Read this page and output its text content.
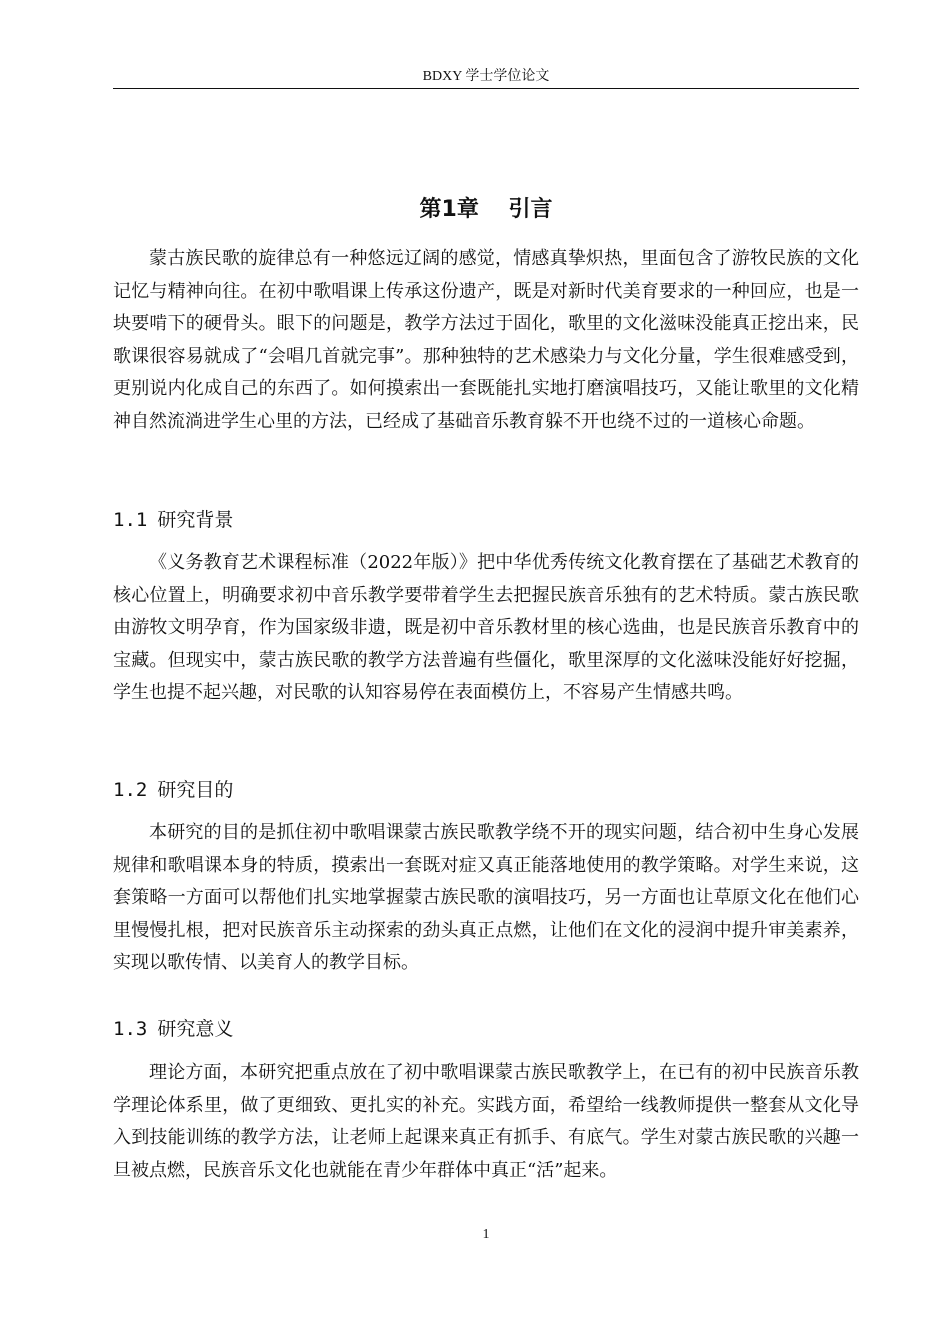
BDXY 学士学位论文
第1章　 引言

蒙古族民歌的旋律总有一种悠远辽阔的感觉，情感真挚炽热，里面包含了游牧民族的文化记忆与精神向往。在初中歌唱课上传承这份遗产，既是对新时代美育要求的一种回应，也是一块要啃下的硬骨头。眼下的问题是，教学方法过于固化，歌里的文化滋味没能真正挖出来，民歌课很容易就成了“会唱几首就完事”。那种独特的艺术感染力与文化分量，学生很难感受到，更别说内化成自己的东西了。如何摸索出一套既能扎实地打磨演唱技巧，又能让歌里的文化精神自然流淌进学生心里的方法，已经成了基础音乐教育躲不开也绕不过的一道核心命题。

1.1 研究背景

《义务教育艺术课程标准（2022年版）》把中华优秀传统文化教育摆在了基础艺术教育的核心位置上，明确要求初中音乐教学要带着学生去把握民族音乐独有的艺术特质。蒙古族民歌由游牧文明孕育，作为国家级非遗，既是初中音乐教材里的核心选曲，也是民族音乐教育中的宝藏。但现实中，蒙古族民歌的教学方法普遍有些僵化，歌里深厚的文化滋味没能好好挖掘，学生也提不起兴趣，对民歌的认知容易停在表面模仿上，不容易产生情感共鸣。

1.2 研究目的

本研究的目的是抓住初中歌唱课蒙古族民歌教学绕不开的现实问题，结合初中生身心发展规律和歌唱课本身的特质，摸索出一套既对症又真正能落地使用的教学策略。对学生来说，这套策略一方面可以帮他们扎实地掌握蒙古族民歌的演唱技巧，另一方面也让草原文化在他们心里慢慢扎根，把对民族音乐主动探索的劲头真正点燃，让他们在文化的浸润中提升审美素养，实现以歌传情、以美育人的教学目标。

1.3 研究意义

理论方面，本研究把重点放在了初中歌唱课蒙古族民歌教学上，在已有的初中民族音乐教学理论体系里，做了更细致、更扎实的补充。实践方面，希望给一线教师提供一整套从文化导入到技能训练的教学方法，让老师上起课来真正有抓手、有底气。学生对蒙古族民歌的兴趣一旦被点燃，民族音乐文化也就能在青少年群体中真正“活”起来。

1
